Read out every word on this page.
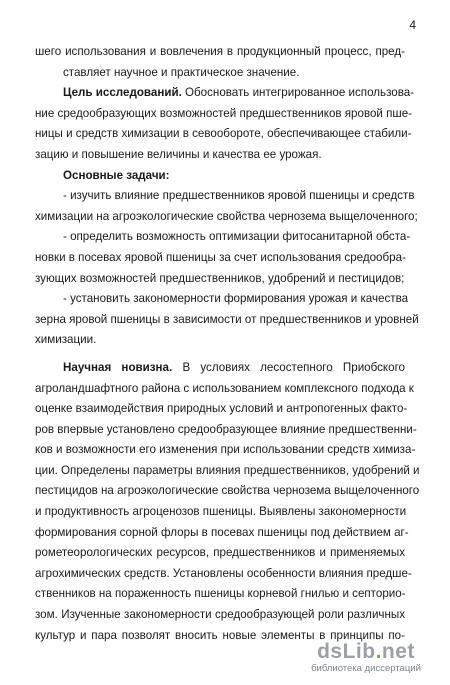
4
шего использования и вовлечения в продукционный процесс, пред-
ставляет научное и практическое значение.
Цель исследований. Обосновать интегрированное использова-
ние средообразующих возможностей предшественников яровой пше-
ницы и средств химизации в севообороте, обеспечивающее стабили-
зацию и повышение величины и качества ее урожая.
Основные задачи:
- изучить влияние предшественников яровой пшеницы и средств
химизации на агроэкологические свойства чернозема выщелоченного;
- определить возможность оптимизации фитосанитарной обста-
новки в посевах яровой пшеницы за счет использования средообра-
зующих возможностей предшественников, удобрений и пестицидов;
- установить закономерности формирования урожая и качества
зерна яровой пшеницы в зависимости от предшественников и уровней
химизации.
Научная новизна. В условиях лесостепного Приобского
агроландшафтного района с использованием комплексного подхода к
оценке взаимодействия природных условий и антропогенных факто-
ров впервые установлено средообразующее влияние предшественни-
ков и возможности его изменения при использовании средств химиза-
ции. Определены параметры влияния предшественников, удобрений и
пестицидов на агроэкологические свойства чернозема выщелоченного
и продуктивность агроценозов пшеницы. Выявлены закономерности
формирования сорной флоры в посевах пшеницы под действием аг-
рометеорологических ресурсов, предшественников и применяемых
агрохимических средств. Установлены особенности влияния предше-
ственников на пораженность пшеницы корневой гнилью и септорио-
зом. Изученные закономерности средообразующей роли различных
культур и пара позволят вносить новые элементы в принципы по-
dsLib.net
библиотека диссертаций
